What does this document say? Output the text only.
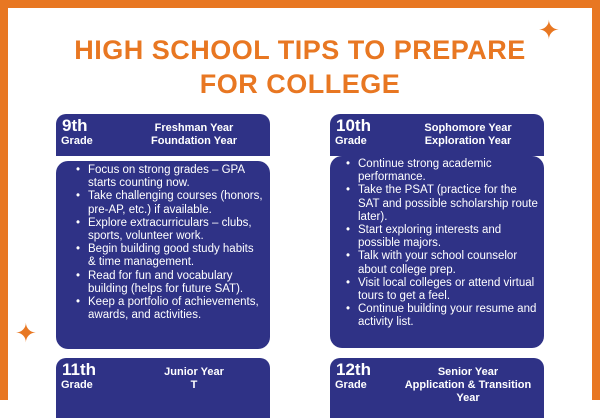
HIGH SCHOOL TIPS TO PREPARE
FOR COLLEGE
✦
✦
9th
Grade
Freshman Year
Foundation Year
• Focus on strong grades – GPA starts counting now.
• Take challenging courses (honors, pre-AP, etc.) if available.
• Explore extracurriculars – clubs, sports, volunteer work.
• Begin building good study habits & time management.
• Read for fun and vocabulary building (helps for future SAT).
• Keep a portfolio of achievements, awards, and activities.
10th
Grade
Sophomore Year
Exploration Year
• Continue strong academic performance.
• Take the PSAT (practice for the SAT and possible scholarship route later).
• Start exploring interests and possible majors.
• Talk with your school counselor about college prep.
• Visit local colleges or attend virtual tours to get a feel.
• Continue building your resume and activity list.
11th
Grade
Junior Year
T
12th
Grade
Senior Year
Application & Transition Year
